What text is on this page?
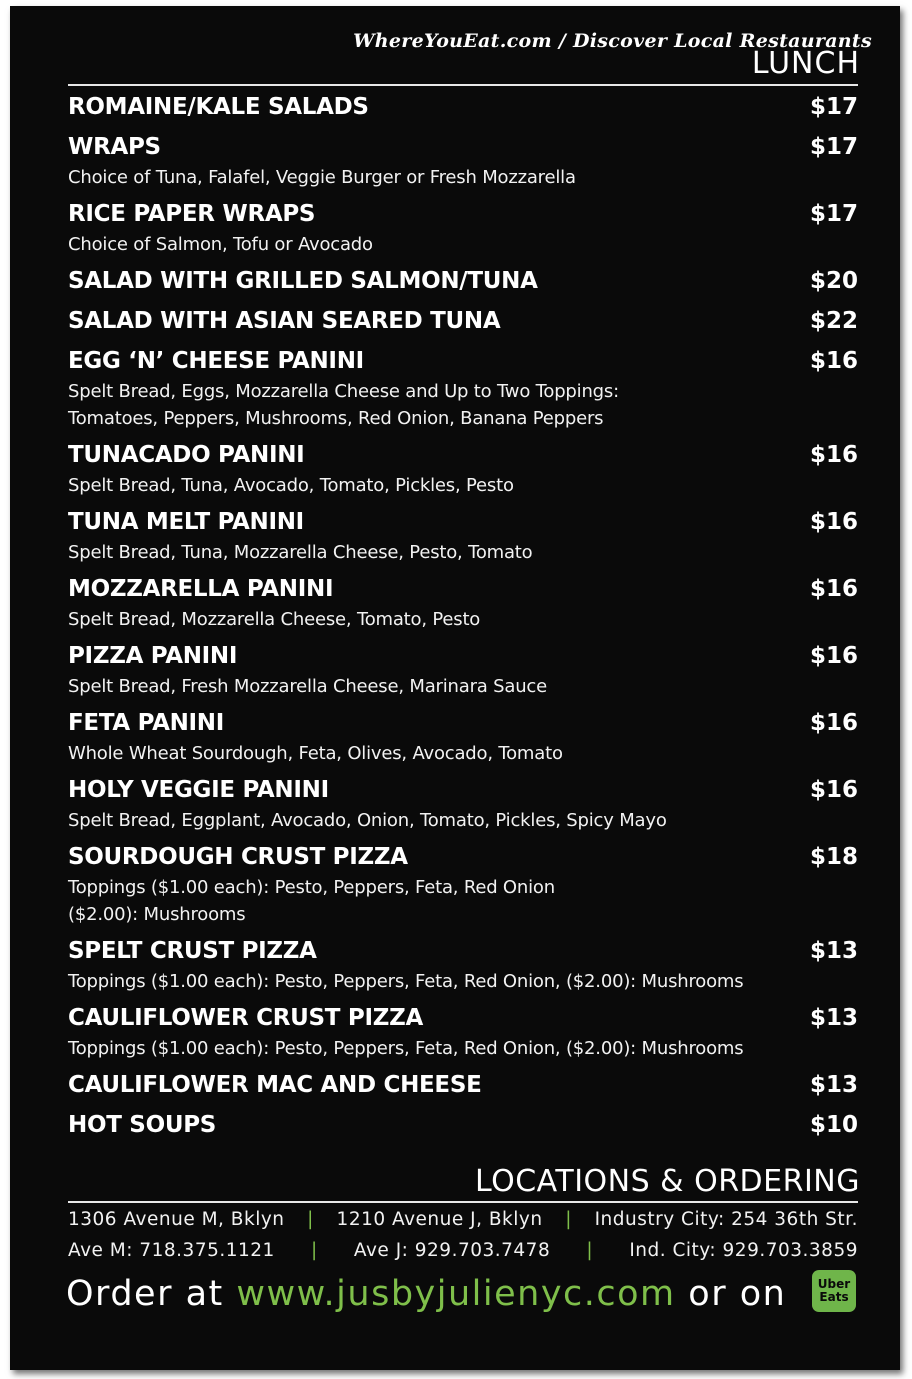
WhereYouEat.com / Discover Local Restaurants
LUNCH
ROMAINE/KALE SALADS	$17
WRAPS	$17
Choice of Tuna, Falafel, Veggie Burger or Fresh Mozzarella
RICE PAPER WRAPS	$17
Choice of Salmon, Tofu or Avocado
SALAD WITH GRILLED SALMON/TUNA	$20
SALAD WITH ASIAN SEARED TUNA	$22
EGG ‘N’ CHEESE PANINI	$16
Spelt Bread, Eggs, Mozzarella Cheese and Up to Two Toppings:
Tomatoes, Peppers, Mushrooms, Red Onion, Banana Peppers
TUNACADO PANINI	$16
Spelt Bread, Tuna, Avocado, Tomato, Pickles, Pesto
TUNA MELT PANINI	$16
Spelt Bread, Tuna, Mozzarella Cheese, Pesto, Tomato
MOZZARELLA PANINI	$16
Spelt Bread, Mozzarella Cheese, Tomato, Pesto
PIZZA PANINI	$16
Spelt Bread, Fresh Mozzarella Cheese, Marinara Sauce
FETA PANINI	$16
Whole Wheat Sourdough, Feta, Olives, Avocado, Tomato
HOLY VEGGIE PANINI	$16
Spelt Bread, Eggplant, Avocado, Onion, Tomato, Pickles, Spicy Mayo
SOURDOUGH CRUST PIZZA	$18
Toppings ($1.00 each): Pesto, Peppers, Feta, Red Onion
($2.00): Mushrooms
SPELT CRUST PIZZA	$13
Toppings ($1.00 each): Pesto, Peppers, Feta, Red Onion, ($2.00): Mushrooms
CAULIFLOWER CRUST PIZZA	$13
Toppings ($1.00 each): Pesto, Peppers, Feta, Red Onion, ($2.00): Mushrooms
CAULIFLOWER MAC AND CHEESE	$13
HOT SOUPS	$10
LOCATIONS & ORDERING
1306 Avenue M, Bklyn | 1210 Avenue J, Bklyn | Industry City: 254 36th Str.
Ave M: 718.375.1121 | Ave J: 929.703.7478 | Ind. City: 929.703.3859
Order at www.jusbyjulienyc.com or on	Uber
Eats
